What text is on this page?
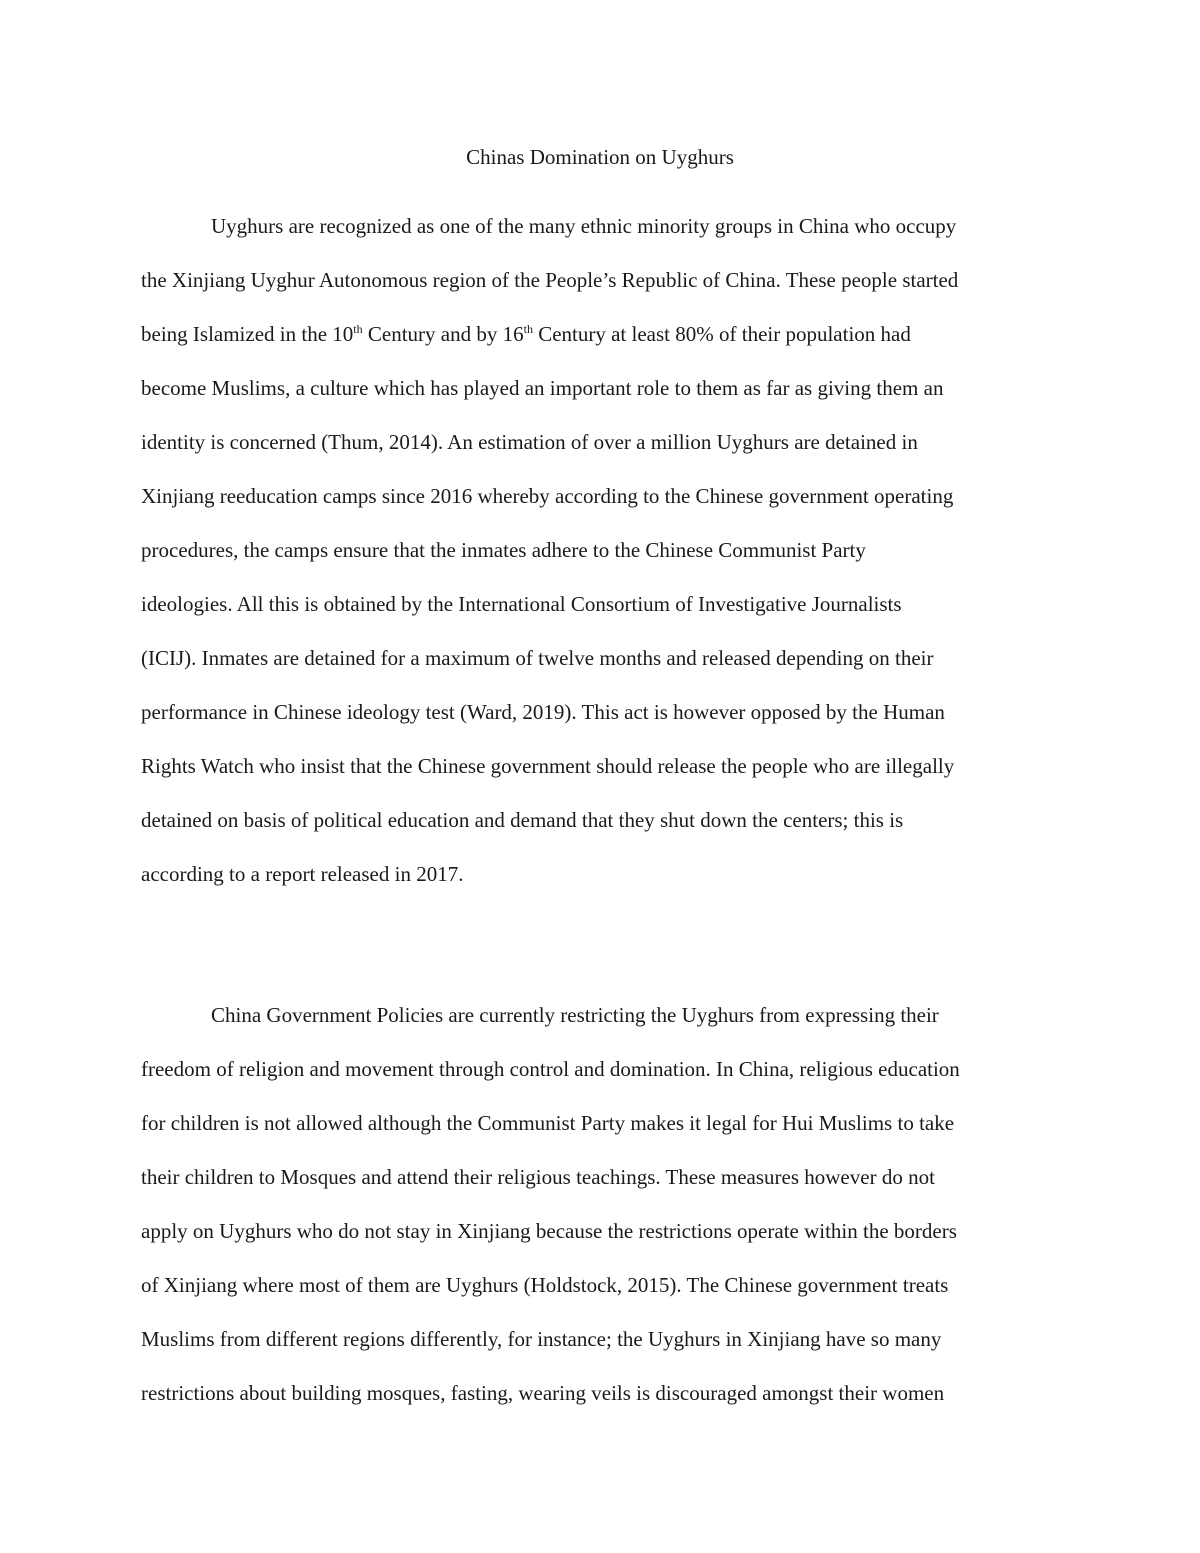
Chinas Domination on Uyghurs
Uyghurs are recognized as one of the many ethnic minority groups in China who occupy
the Xinjiang Uyghur Autonomous region of the People’s Republic of China. These people started
being Islamized in the 10th Century and by 16th Century at least 80% of their population had
become Muslims, a culture which has played an important role to them as far as giving them an
identity is concerned (Thum, 2014). An estimation of over a million Uyghurs are detained in
Xinjiang reeducation camps since 2016 whereby according to the Chinese government operating
procedures, the camps ensure that the inmates adhere to the Chinese Communist Party
ideologies. All this is obtained by the International Consortium of Investigative Journalists
(ICIJ). Inmates are detained for a maximum of twelve months and released depending on their
performance in Chinese ideology test (Ward, 2019). This act is however opposed by the Human
Rights Watch who insist that the Chinese government should release the people who are illegally
detained on basis of political education and demand that they shut down the centers; this is
according to a report released in 2017.
China Government Policies are currently restricting the Uyghurs from expressing their
freedom of religion and movement through control and domination. In China, religious education
for children is not allowed although the Communist Party makes it legal for Hui Muslims to take
their children to Mosques and attend their religious teachings. These measures however do not
apply on Uyghurs who do not stay in Xinjiang because the restrictions operate within the borders
of Xinjiang where most of them are Uyghurs (Holdstock, 2015). The Chinese government treats
Muslims from different regions differently, for instance; the Uyghurs in Xinjiang have so many
restrictions about building mosques, fasting, wearing veils is discouraged amongst their women
